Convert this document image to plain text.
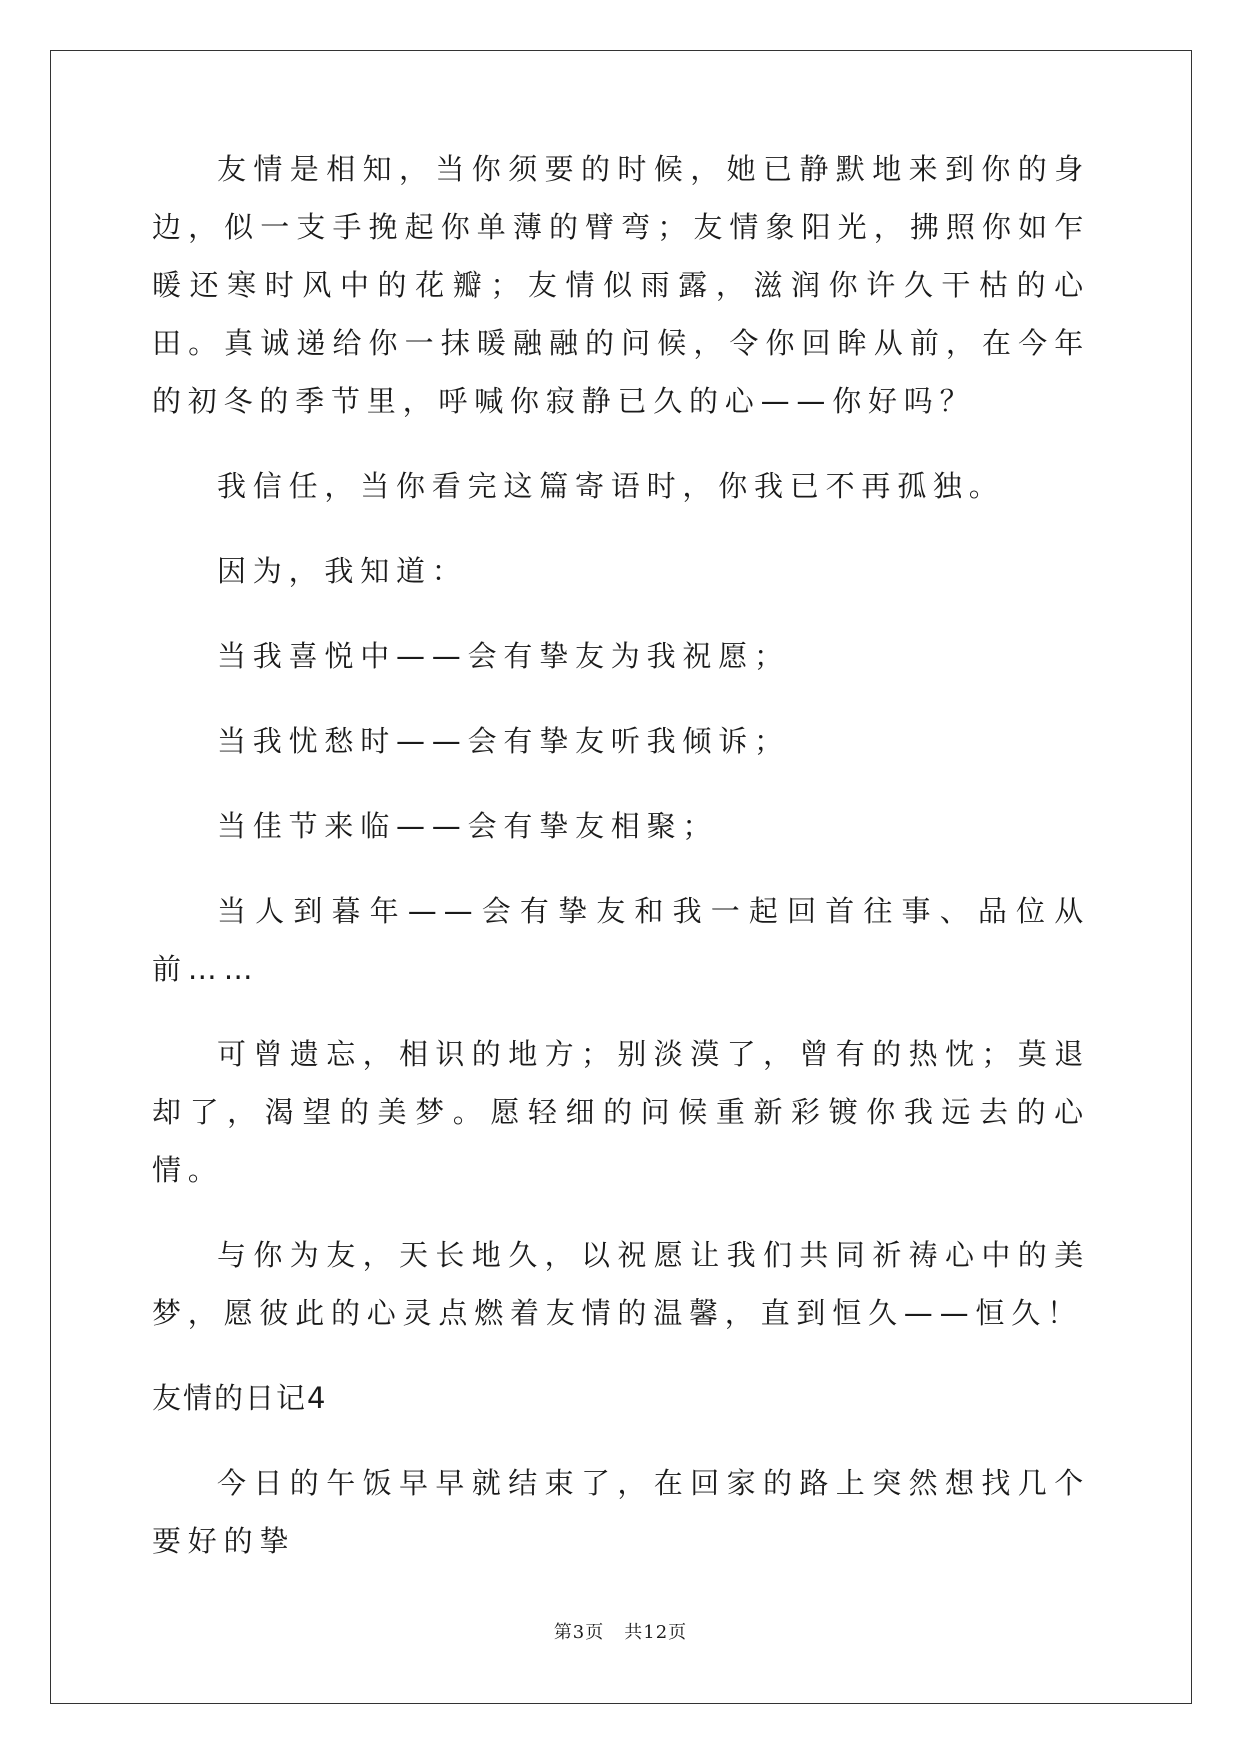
友情是相知，当你须要的时候，她已静默地来到你的身边，似一支手挽起你单薄的臂弯；友情象阳光，拂照你如乍暖还寒时风中的花瓣；友情似雨露，滋润你许久干枯的心田。真诚递给你一抹暖融融的问候，令你回眸从前，在今年的初冬的季节里，呼喊你寂静已久的心——你好吗？

我信任，当你看完这篇寄语时，你我已不再孤独。

因为，我知道：

当我喜悦中——会有挚友为我祝愿；

当我忧愁时——会有挚友听我倾诉；

当佳节来临——会有挚友相聚；

当人到暮年——会有挚友和我一起回首往事、品位从前……

可曾遗忘，相识的地方；别淡漠了，曾有的热忱；莫退却了，渴望的美梦。愿轻细的问候重新彩镀你我远去的心情。

与你为友，天长地久，以祝愿让我们共同祈祷心中的美梦，愿彼此的心灵点燃着友情的温馨，直到恒久——恒久！

友情的日记4

今日的午饭早早就结束了，在回家的路上突然想找几个要好的挚

第3页 共12页
